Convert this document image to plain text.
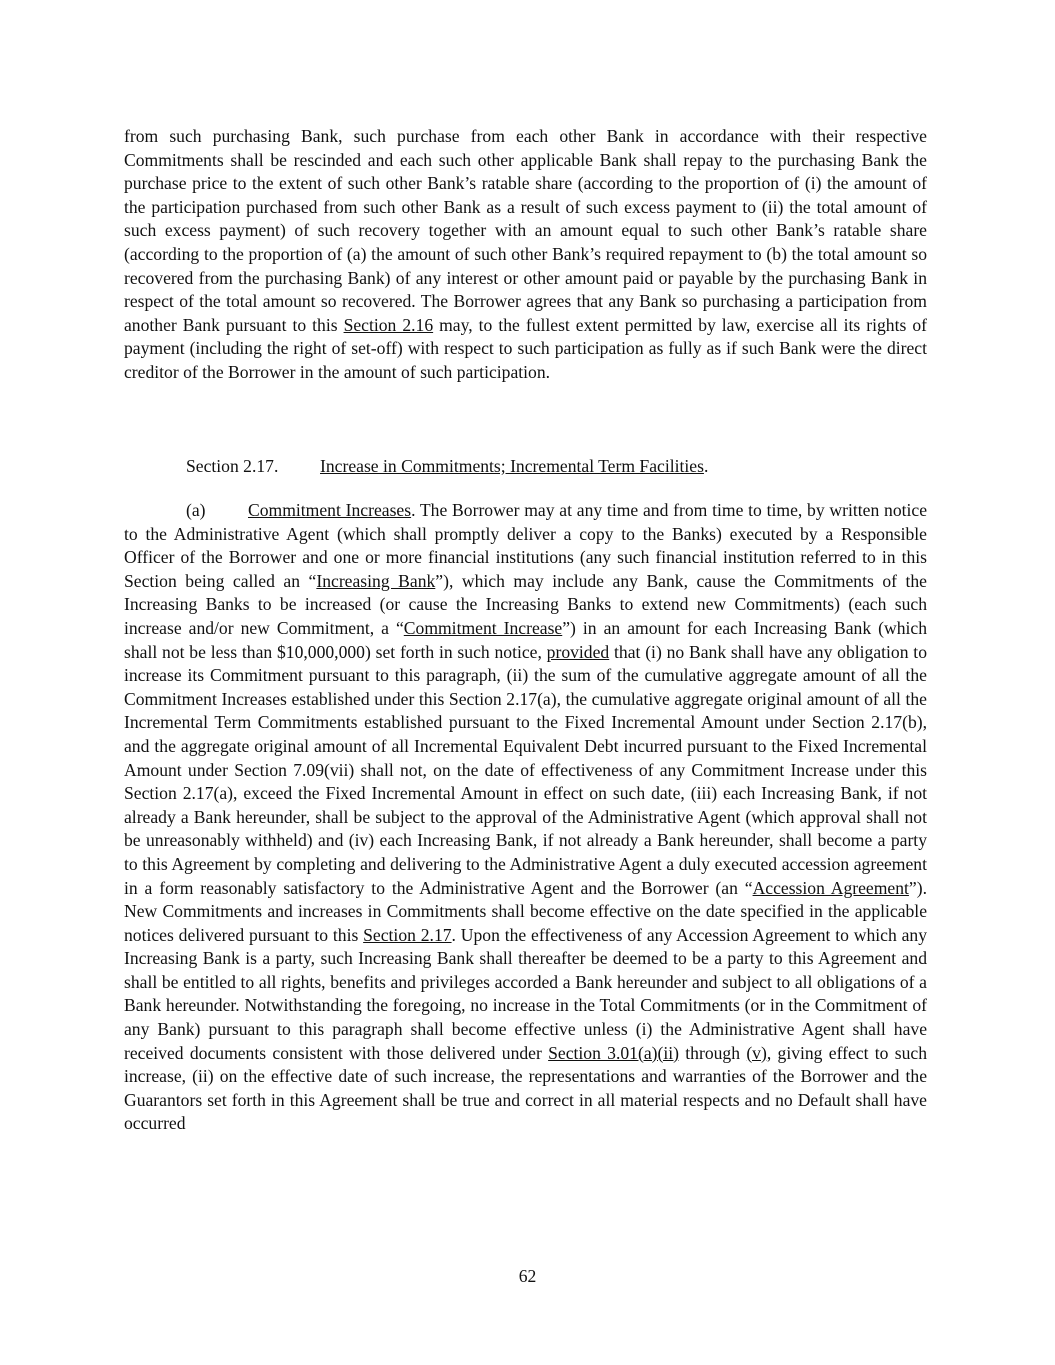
from such purchasing Bank, such purchase from each other Bank in accordance with their respective Commitments shall be rescinded and each such other applicable Bank shall repay to the purchasing Bank the purchase price to the extent of such other Bank’s ratable share (according to the proportion of (i) the amount of the participation purchased from such other Bank as a result of such excess payment to (ii) the total amount of such excess payment) of such recovery together with an amount equal to such other Bank’s ratable share (according to the proportion of (a) the amount of such other Bank’s required repayment to (b) the total amount so recovered from the purchasing Bank) of any interest or other amount paid or payable by the purchasing Bank in respect of the total amount so recovered. The Borrower agrees that any Bank so purchasing a participation from another Bank pursuant to this Section 2.16 may, to the fullest extent permitted by law, exercise all its rights of payment (including the right of set-off) with respect to such participation as fully as if such Bank were the direct creditor of the Borrower in the amount of such participation.
Section 2.17. Increase in Commitments; Incremental Term Facilities.
(a) Commitment Increases. The Borrower may at any time and from time to time, by written notice to the Administrative Agent (which shall promptly deliver a copy to the Banks) executed by a Responsible Officer of the Borrower and one or more financial institutions (any such financial institution referred to in this Section being called an “Increasing Bank”), which may include any Bank, cause the Commitments of the Increasing Banks to be increased (or cause the Increasing Banks to extend new Commitments) (each such increase and/or new Commitment, a “Commitment Increase”) in an amount for each Increasing Bank (which shall not be less than $10,000,000) set forth in such notice, provided that (i) no Bank shall have any obligation to increase its Commitment pursuant to this paragraph, (ii) the sum of the cumulative aggregate amount of all the Commitment Increases established under this Section 2.17(a), the cumulative aggregate original amount of all the Incremental Term Commitments established pursuant to the Fixed Incremental Amount under Section 2.17(b), and the aggregate original amount of all Incremental Equivalent Debt incurred pursuant to the Fixed Incremental Amount under Section 7.09(vii) shall not, on the date of effectiveness of any Commitment Increase under this Section 2.17(a), exceed the Fixed Incremental Amount in effect on such date, (iii) each Increasing Bank, if not already a Bank hereunder, shall be subject to the approval of the Administrative Agent (which approval shall not be unreasonably withheld) and (iv) each Increasing Bank, if not already a Bank hereunder, shall become a party to this Agreement by completing and delivering to the Administrative Agent a duly executed accession agreement in a form reasonably satisfactory to the Administrative Agent and the Borrower (an “Accession Agreement”). New Commitments and increases in Commitments shall become effective on the date specified in the applicable notices delivered pursuant to this Section 2.17. Upon the effectiveness of any Accession Agreement to which any Increasing Bank is a party, such Increasing Bank shall thereafter be deemed to be a party to this Agreement and shall be entitled to all rights, benefits and privileges accorded a Bank hereunder and subject to all obligations of a Bank hereunder. Notwithstanding the foregoing, no increase in the Total Commitments (or in the Commitment of any Bank) pursuant to this paragraph shall become effective unless (i) the Administrative Agent shall have received documents consistent with those delivered under Section 3.01(a)(ii) through (v), giving effect to such increase, (ii) on the effective date of such increase, the representations and warranties of the Borrower and the Guarantors set forth in this Agreement shall be true and correct in all material respects and no Default shall have occurred
62
